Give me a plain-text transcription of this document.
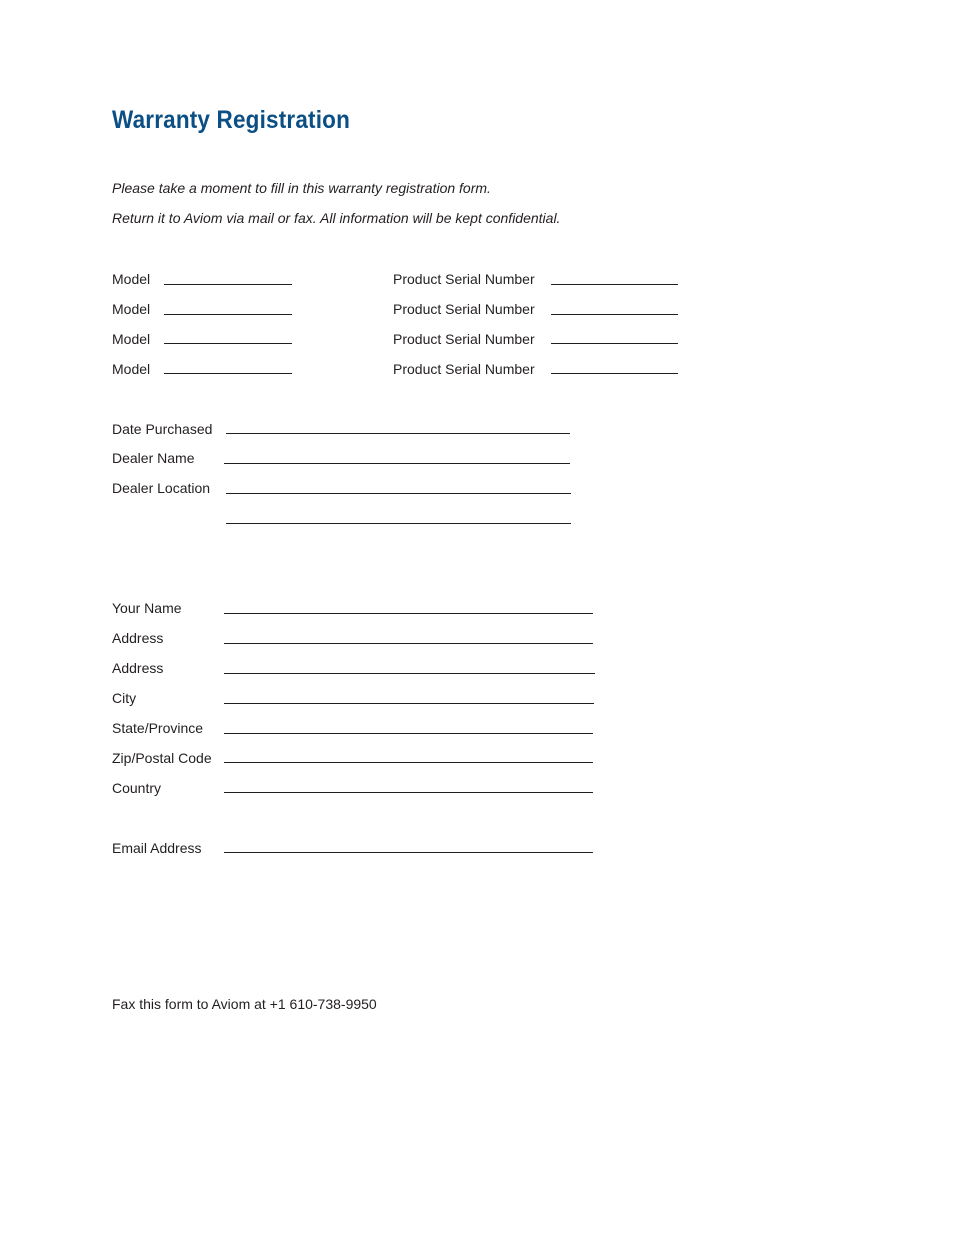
Warranty Registration
Please take a moment to fill in this warranty registration form.
Return it to Aviom via mail or fax. All information will be kept confidential.
Model	Product Serial Number
Model	Product Serial Number
Model	Product Serial Number
Model	Product Serial Number
Date Purchased
Dealer Name
Dealer Location
Your Name
Address
Address
City
State/Province
Zip/Postal Code
Country
Email Address
Fax this form to Aviom at +1 610-738-9950
